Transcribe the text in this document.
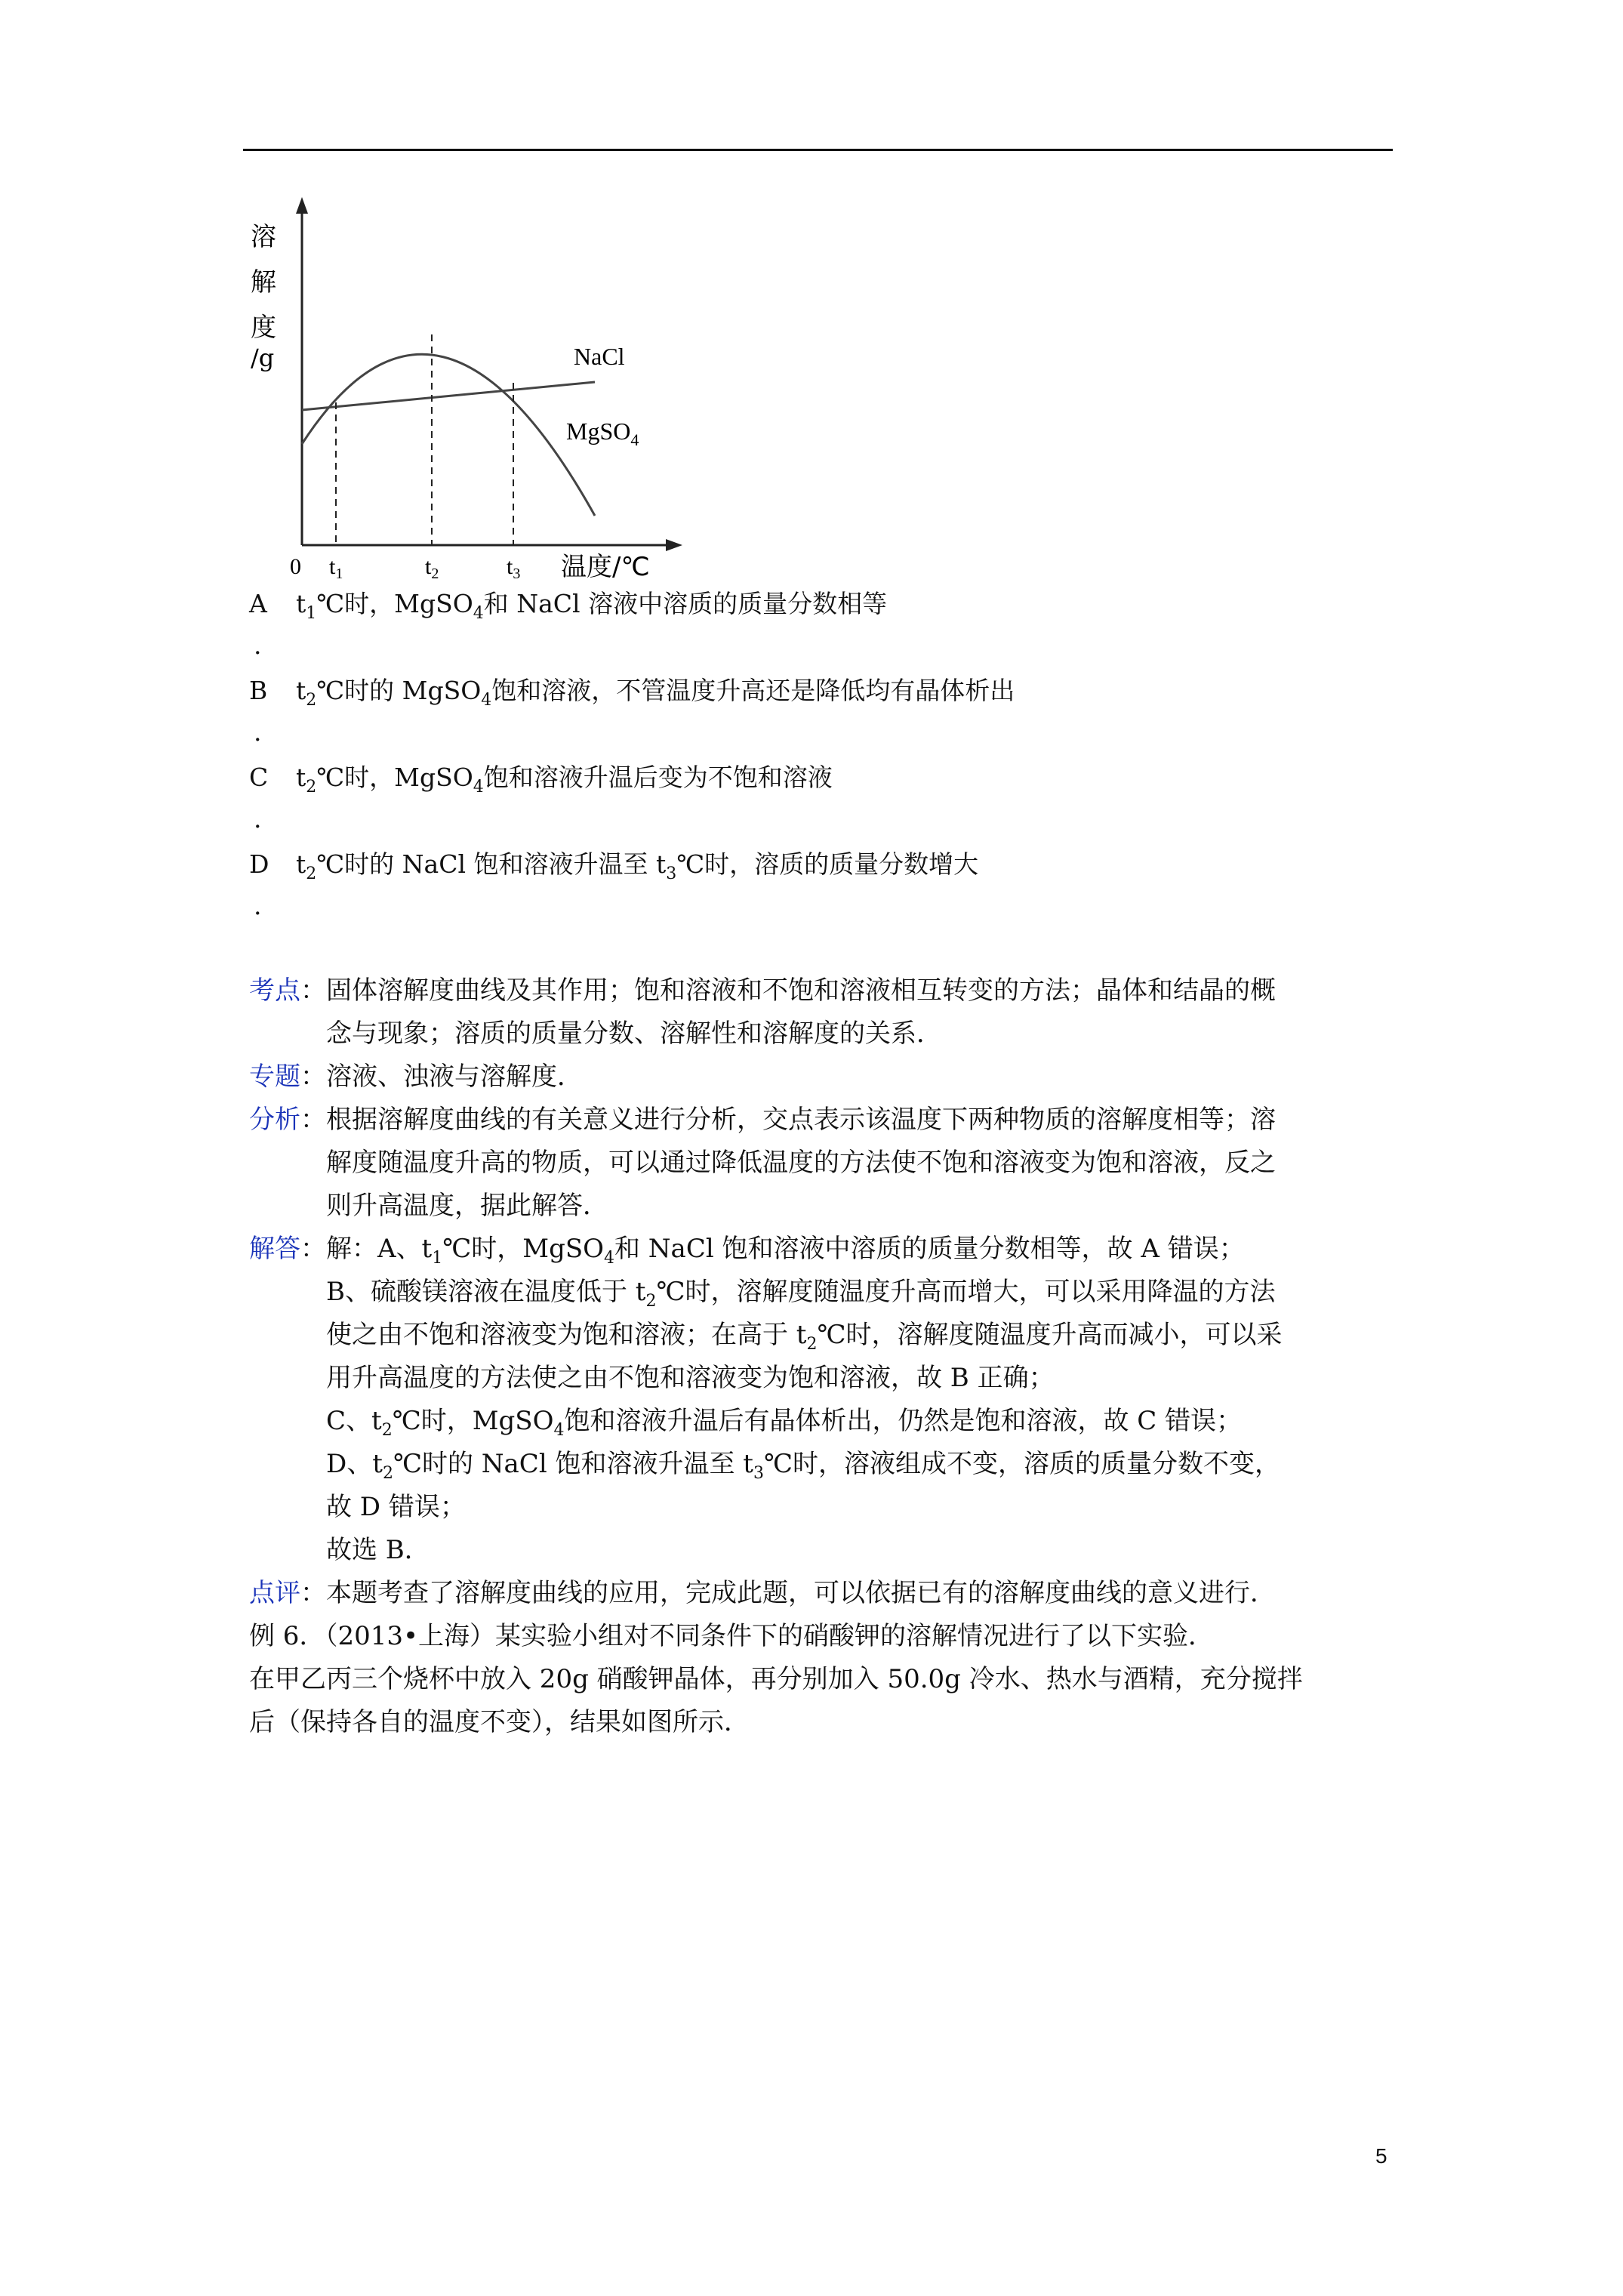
溶
解
度
/g	NaCl
MgSO$_4$
0 $t_1$	$t_2$	$t_3$ 温度/℃
A $t_1℃$时，MgSO$_4$和 NaCl 溶液中溶质的质量分数相等
.
B $t_2℃$时的 MgSO$_4$饱和溶液，不管温度升高还是降低均有晶体析出
.
C $t_2℃$时，MgSO$_4$饱和溶液升温后变为不饱和溶液
.
D $t_2℃$时的 NaCl 饱和溶液升温至 $t_3℃$时，溶质的质量分数增大
.
考点：固体溶解度曲线及其作用；饱和溶液和不饱和溶液相互转变的方法；晶体和结晶的概
念与现象；溶质的质量分数、溶解性和溶解度的关系．
专题：溶液、浊液与溶解度．
分析：根据溶解度曲线的有关意义进行分析，交点表示该温度下两种物质的溶解度相等；溶
解度随温度升高的物质，可以通过降低温度的方法使不饱和溶液变为饱和溶液，反之
则升高温度，据此解答．
解答：解：A、$t_1℃$时，MgSO$_4$和 NaCl 饱和溶液中溶质的质量分数相等，故 A 错误；
B、硫酸镁溶液在温度低于 $t_2℃$时，溶解度随温度升高而增大，可以采用降温的方法
使之由不饱和溶液变为饱和溶液；在高于 $t_2℃$时，溶解度随温度升高而减小，可以采
用升高温度的方法使之由不饱和溶液变为饱和溶液，故 B 正确；
C、$t_2℃$时，MgSO$_4$饱和溶液升温后有晶体析出，仍然是饱和溶液，故 C 错误；
D、$t_2℃$时的 NaCl 饱和溶液升温至 $t_3℃$时，溶液组成不变，溶质的质量分数不变，
故 D 错误；
故选 B．
点评：本题考查了溶解度曲线的应用，完成此题，可以依据已有的溶解度曲线的意义进行．
例 6．（2013•上海）某实验小组对不同条件下的硝酸钾的溶解情况进行了以下实验．
在甲乙丙三个烧杯中放入 20g 硝酸钾晶体，再分别加入 50.0g 冷水、热水与酒精，充分搅拌
后（保持各自的温度不变），结果如图所示．
5
